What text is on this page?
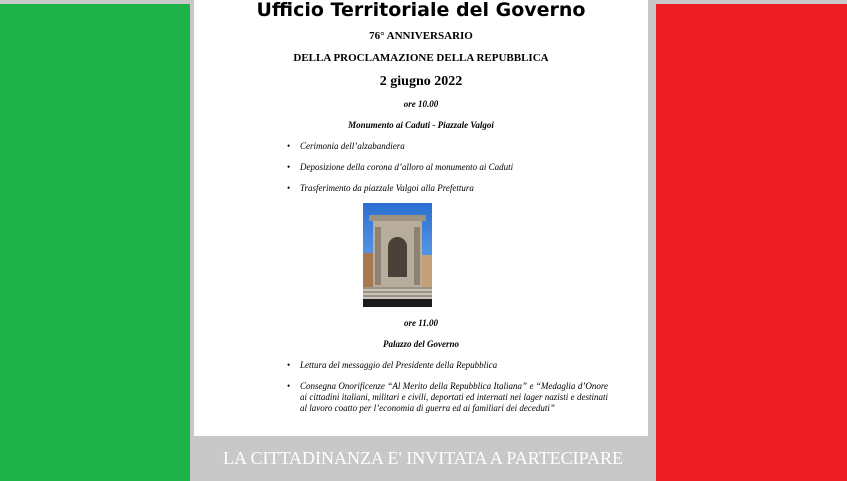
Ufficio Territoriale del Governo
76° ANNIVERSARIO
DELLA PROCLAMAZIONE DELLA REPUBBLICA
2 giugno 2022
ore 10.00
Monumento ai Caduti - Piazzale Valgoi
• Cerimonia dell’alzabandiera
• Deposizione della corona d’alloro al monumento ai Caduti
• Trasferimento da piazzale Valgoi alla Prefettura
ore 11.00
Palazzo del Governo
• Lettura del messaggio del Presidente della Repubblica
• Consegna Onorificenze “Al Merito della Repubblica Italiana” e “Medaglia d’Onore ai cittadini italiani, militari e civili, deportati ed internati nei lager nazisti e destinati al lavoro coatto per l’economia di guerra ed ai familiari dei deceduti”
LA CITTADINANZA E' INVITATA A PARTECIPARE
